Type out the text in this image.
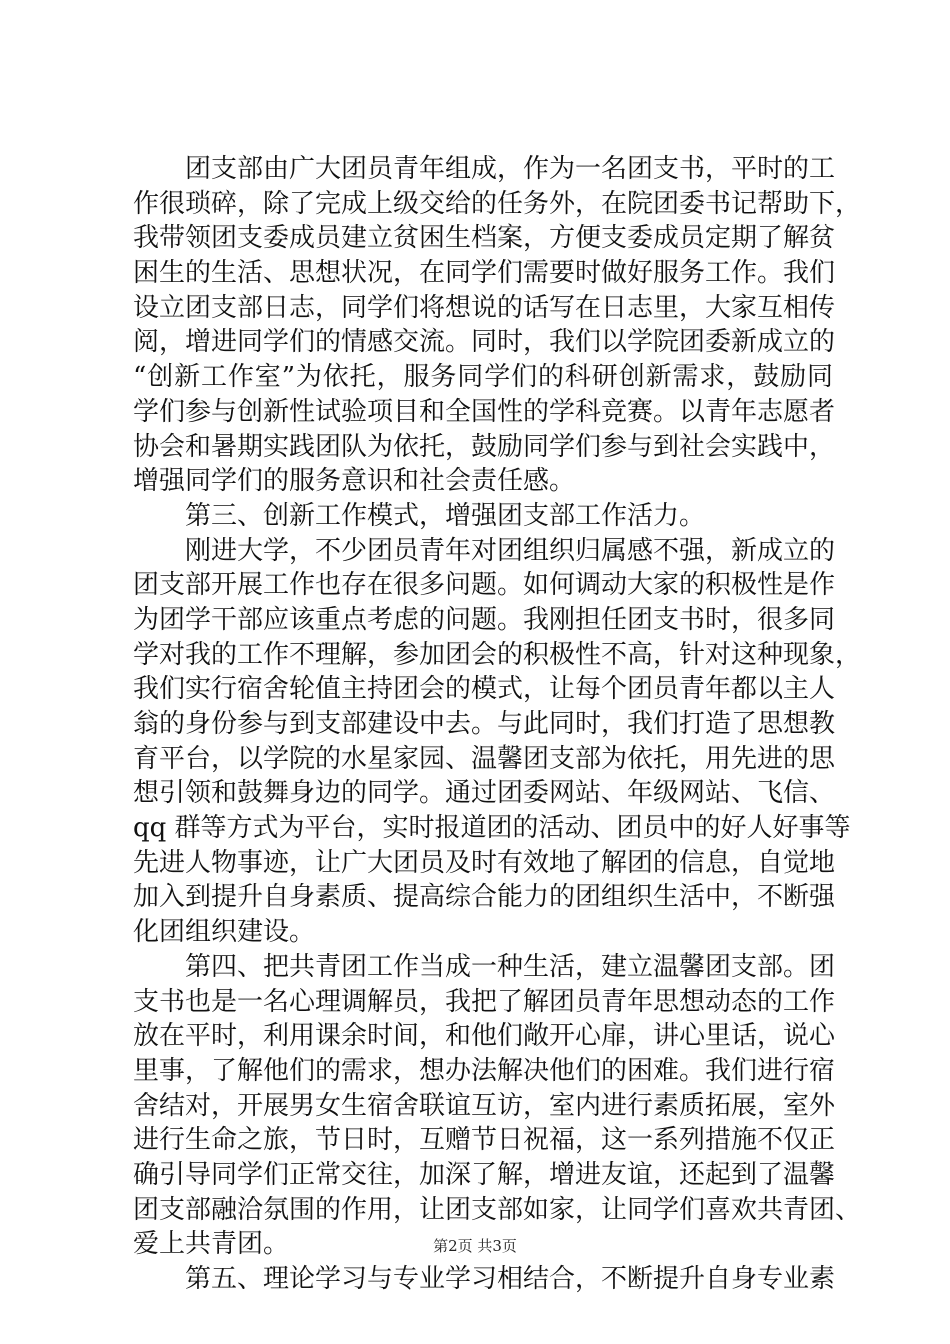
团支部由广大团员青年组成，作为一名团支书，平时的工
作很琐碎，除了完成上级交给的任务外，在院团委书记帮助下，
我带领团支委成员建立贫困生档案，方便支委成员定期了解贫
困生的生活、思想状况，在同学们需要时做好服务工作。我们
设立团支部日志，同学们将想说的话写在日志里，大家互相传
阅，增进同学们的情感交流。同时，我们以学院团委新成立的
“创新工作室”为依托，服务同学们的科研创新需求，鼓励同
学们参与创新性试验项目和全国性的学科竞赛。以青年志愿者
协会和暑期实践团队为依托，鼓励同学们参与到社会实践中，
增强同学们的服务意识和社会责任感。
第三、创新工作模式，增强团支部工作活力。
刚进大学，不少团员青年对团组织归属感不强，新成立的
团支部开展工作也存在很多问题。如何调动大家的积极性是作
为团学干部应该重点考虑的问题。我刚担任团支书时，很多同
学对我的工作不理解，参加团会的积极性不高，针对这种现象，
我们实行宿舍轮值主持团会的模式，让每个团员青年都以主人
翁的身份参与到支部建设中去。与此同时，我们打造了思想教
育平台，以学院的水星家园、温馨团支部为依托，用先进的思
想引领和鼓舞身边的同学。通过团委网站、年级网站、飞信、
qq 群等方式为平台，实时报道团的活动、团员中的好人好事等
先进人物事迹，让广大团员及时有效地了解团的信息，自觉地
加入到提升自身素质、提高综合能力的团组织生活中，不断强
化团组织建设。
第四、把共青团工作当成一种生活，建立温馨团支部。团
支书也是一名心理调解员，我把了解团员青年思想动态的工作
放在平时，利用课余时间，和他们敞开心扉，讲心里话，说心
里事，了解他们的需求，想办法解决他们的困难。我们进行宿
舍结对，开展男女生宿舍联谊互访，室内进行素质拓展，室外
进行生命之旅，节日时，互赠节日祝福，这一系列措施不仅正
确引导同学们正常交往，加深了解，增进友谊，还起到了温馨
团支部融洽氛围的作用，让团支部如家，让同学们喜欢共青团、
爱上共青团。
第五、理论学习与专业学习相结合，不断提升自身专业素
第2页 共3页
